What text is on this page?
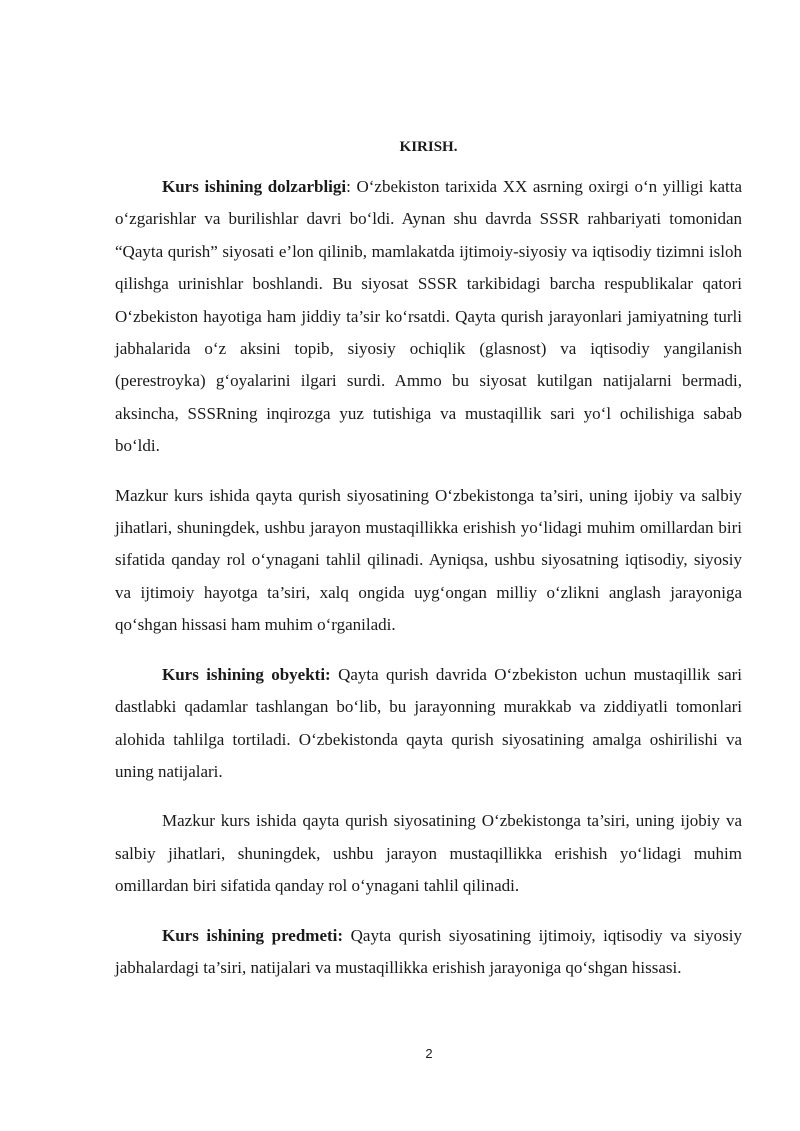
KIRISH.

Kurs ishining dolzarbligi: O‘zbekiston tarixida XX asrning oxirgi o‘n yilligi katta o‘zgarishlar va burilishlar davri bo‘ldi. Aynan shu davrda SSSR rahbariyati tomonidan “Qayta qurish” siyosati e’lon qilinib, mamlakatda ijtimoiy-siyosiy va iqtisodiy tizimni isloh qilishga urinishlar boshlandi. Bu siyosat SSSR tarkibidagi barcha respublikalar qatori O‘zbekiston hayotiga ham jiddiy ta’sir ko‘rsatdi. Qayta qurish jarayonlari jamiyatning turli jabhalarida o‘z aksini topib, siyosiy ochiqlik (glasnost) va iqtisodiy yangilanish (perestroyka) g‘oyalarini ilgari surdi. Ammo bu siyosat kutilgan natijalarni bermadi, aksincha, SSSRning inqirozga yuz tutishiga va mustaqillik sari yo‘l ochilishiga sabab bo‘ldi.

Mazkur kurs ishida qayta qurish siyosatining O‘zbekistonga ta’siri, uning ijobiy va salbiy jihatlari, shuningdek, ushbu jarayon mustaqillikka erishish yo‘lidagi muhim omillardan biri sifatida qanday rol o‘ynagani tahlil qilinadi. Ayniqsa, ushbu siyosatning iqtisodiy, siyosiy va ijtimoiy hayotga ta’siri, xalq ongida uyg‘ongan milliy o‘zlikni anglash jarayoniga qo‘shgan hissasi ham muhim o‘rganiladi.

Kurs ishining obyekti: Qayta qurish davrida O‘zbekiston uchun mustaqillik sari dastlabki qadamlar tashlangan bo‘lib, bu jarayonning murakkab va ziddiyatli tomonlari alohida tahlilga tortiladi. O‘zbekistonda qayta qurish siyosatining amalga oshirilishi va uning natijalari.

Mazkur kurs ishida qayta qurish siyosatining O‘zbekistonga ta’siri, uning ijobiy va salbiy jihatlari, shuningdek, ushbu jarayon mustaqillikka erishish yo‘lidagi muhim omillardan biri sifatida qanday rol o‘ynagani tahlil qilinadi.

Kurs ishining predmeti: Qayta qurish siyosatining ijtimoiy, iqtisodiy va siyosiy jabhalardagi ta’siri, natijalari va mustaqillikka erishish jarayoniga qo‘shgan hissasi.

2
